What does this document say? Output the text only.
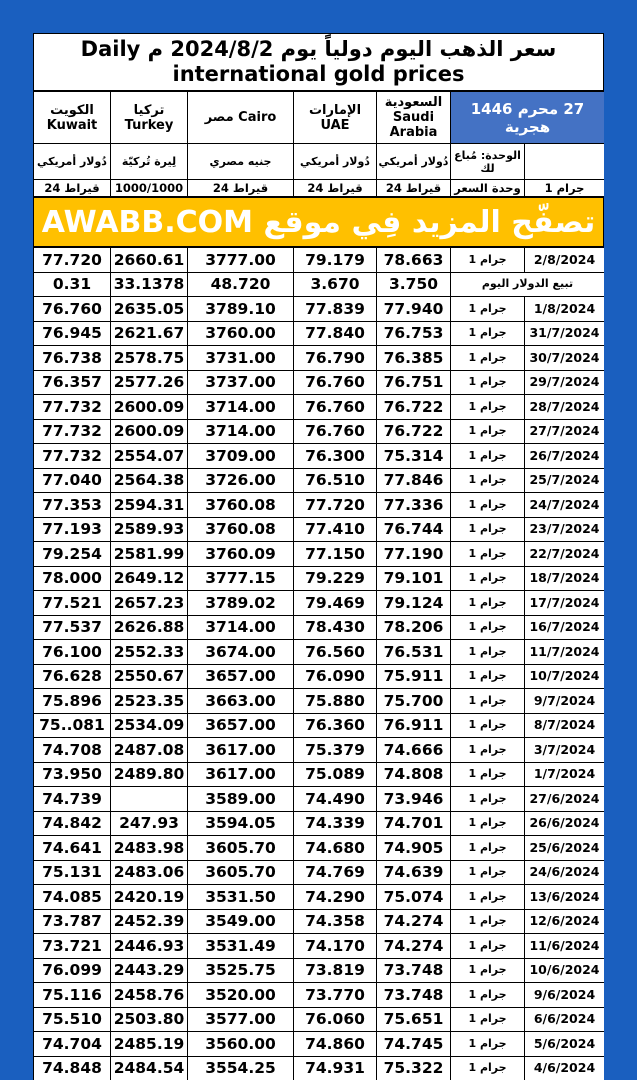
سعر الذهب اليوم دولياً يوم 2024/8/2 م Daily international gold prices
الكويت Kuwait	تركيا Turkey	مصر Cairo	الإمارات UAE	السعودية Saudi Arabia	27 محرم 1446 هجرية	
دُولار أمريكي	لِيرة تُركيّة	جنيه مصري	دُولار أمريكي	دُولار أمريكي	الوحدة: مُباع لك	
24 قيراط	1000/1000	24 قيراط	24 قيراط	24 قيراط	وحدة السعر	1 جرام
تصفّح المزيد فِي موقع AWABB.COM
77.720	2660.61	3777.00	79.179	78.663	1 جرام	2/8/2024
0.31	33.1378	48.720	3.670	3.750	تبيع الدولار اليوم	
76.760	2635.05	3789.10	77.839	77.940	1 جرام	1/8/2024
76.945	2621.67	3760.00	77.840	76.753	1 جرام	31/7/2024
76.738	2578.75	3731.00	76.790	76.385	1 جرام	30/7/2024
76.357	2577.26	3737.00	76.760	76.751	1 جرام	29/7/2024
77.732	2600.09	3714.00	76.760	76.722	1 جرام	28/7/2024
77.732	2600.09	3714.00	76.760	76.722	1 جرام	27/7/2024
77.732	2554.07	3709.00	76.300	75.314	1 جرام	26/7/2024
77.040	2564.38	3726.00	76.510	77.846	1 جرام	25/7/2024
77.353	2594.31	3760.08	77.720	77.336	1 جرام	24/7/2024
77.193	2589.93	3760.08	77.410	76.744	1 جرام	23/7/2024
79.254	2581.99	3760.09	77.150	77.190	1 جرام	22/7/2024
78.000	2649.12	3777.15	79.229	79.101	1 جرام	18/7/2024
77.521	2657.23	3789.02	79.469	79.124	1 جرام	17/7/2024
77.537	2626.88	3714.00	78.430	78.206	1 جرام	16/7/2024
76.100	2552.33	3674.00	76.560	76.531	1 جرام	11/7/2024
76.628	2550.67	3657.00	76.090	75.911	1 جرام	10/7/2024
75.896	2523.35	3663.00	75.880	75.700	1 جرام	9/7/2024
75..081	2534.09	3657.00	76.360	76.911	1 جرام	8/7/2024
74.708	2487.08	3617.00	75.379	74.666	1 جرام	3/7/2024
73.950	2489.80	3617.00	75.089	74.808	1 جرام	1/7/2024
74.739		3589.00	74.490	73.946	1 جرام	27/6/2024
74.842	247.93	3594.05	74.339	74.701	1 جرام	26/6/2024
74.641	2483.98	3605.70	74.680	74.905	1 جرام	25/6/2024
75.131	2483.06	3605.70	74.769	74.639	1 جرام	24/6/2024
74.085	2420.19	3531.50	74.290	75.074	1 جرام	13/6/2024
73.787	2452.39	3549.00	74.358	74.274	1 جرام	12/6/2024
73.721	2446.93	3531.49	74.170	74.274	1 جرام	11/6/2024
76.099	2443.29	3525.75	73.819	73.748	1 جرام	10/6/2024
75.116	2458.76	3520.00	73.770	73.748	1 جرام	9/6/2024
75.510	2503.80	3577.00	76.060	75.651	1 جرام	6/6/2024
74.704	2485.19	3560.00	74.860	74.745	1 جرام	5/6/2024
74.848	2484.54	3554.25	74.931	75.322	1 جرام	4/6/2024
